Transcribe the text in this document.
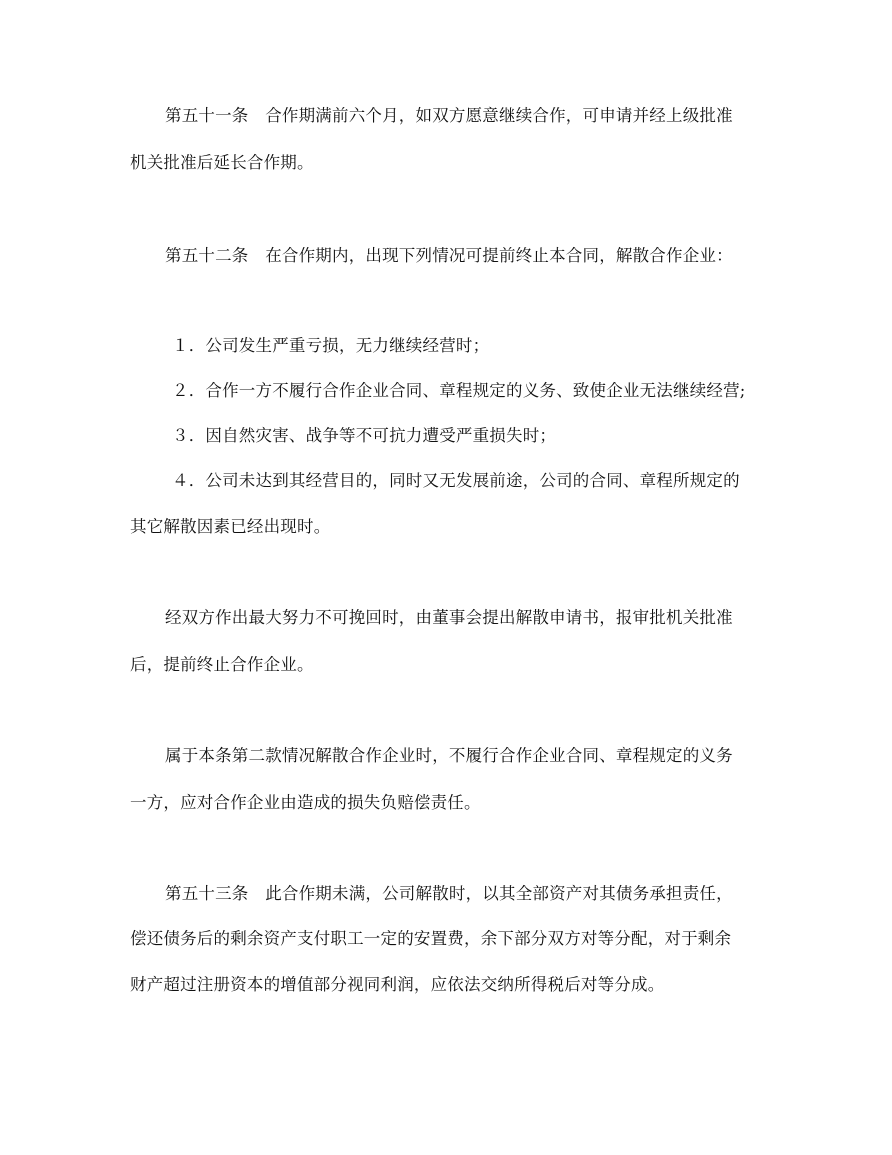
第五十一条　合作期满前六个月，如双方愿意继续合作，可申请并经上级批准
机关批准后延长合作期。
第五十二条　在合作期内，出现下列情况可提前终止本合同，解散合作企业：
１．公司发生严重亏损，无力继续经营时；
２．合作一方不履行合作企业合同、章程规定的义务、致使企业无法继续经营;
３．因自然灾害、战争等不可抗力遭受严重损失时；
４．公司未达到其经营目的，同时又无发展前途，公司的合同、章程所规定的
其它解散因素已经出现时。
经双方作出最大努力不可挽回时，由董事会提出解散申请书，报审批机关批准
后，提前终止合作企业。
属于本条第二款情况解散合作企业时，不履行合作企业合同、章程规定的义务
一方，应对合作企业由造成的损失负赔偿责任。
第五十三条　此合作期未满，公司解散时，以其全部资产对其债务承担责任，
偿还债务后的剩余资产支付职工一定的安置费，余下部分双方对等分配，对于剩余
财产超过注册资本的增值部分视同利润，应依法交纳所得税后对等分成。
